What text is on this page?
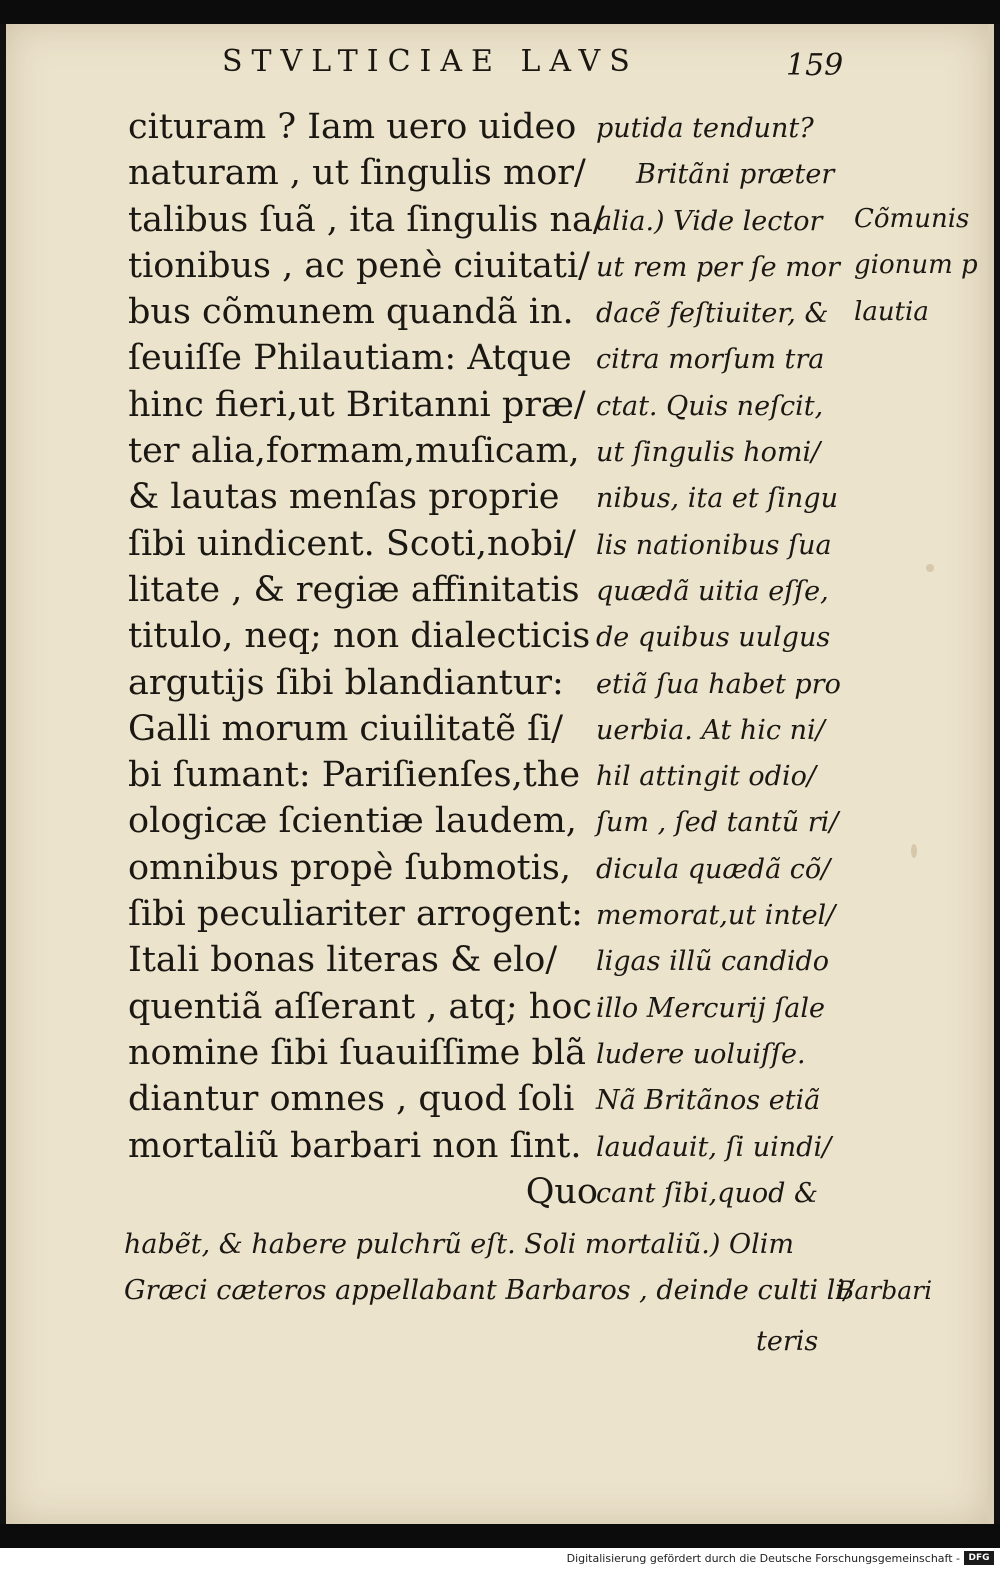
STVLTICIAE LAVS	159
cituram ? Iam uero uideo
naturam , ut ſingulis mor/
talibus ſuã , ita ſingulis na/
tionibus , ac penè ciuitati/
bus cõmunem quandã in.
ſeuiſſe Philautiam: Atque
hinc fieri,ut Britanni præ/
ter alia,formam,muſicam,
& lautas menſas proprie
ſibi uindicent. Scoti,nobi/
litate , & regiæ affinitatis
titulo, neq; non dialecticis
argutijs ſibi blandiantur:
Galli morum ciuilitatẽ ſi/
bi ſumant: Pariſienſes,the
ologicæ ſcientiæ laudem,
omnibus propè ſubmotis,
ſibi peculiariter arrogent:
Itali bonas literas & elo/
quentiã aſſerant , atq; hoc
nomine ſibi ſuauiſſime blã
diantur omnes , quod ſoli
mortaliũ barbari non ſint.
Quo
putida tendunt?
Britãni præter
alia.) Vide lector
ut rem per ſe mor
dacẽ feſtiuiter, &
citra morſum tra
ctat. Quis neſcit,
ut ſingulis homi/
nibus, ita et ſingu
lis nationibus ſua
quædã uitia eſſe,
de quibus uulgus
etiã ſua habet pro
uerbia. At hic ni/
hil attingit odio/
ſum , ſed tantũ ri/
dicula quædã cõ/
memorat,ut intel/
ligas illũ candido
illo Mercurij ſale
ludere uoluiſſe.
Nã Britãnos etiã
laudauit, ſi uindi/
cant ſibi,quod &
Cõmunis
gionum p
lautia
habẽt, & habere pulchrũ eſt. Soli mortaliũ.) Olim
Græci cæteros appellabant Barbaros , deinde culti li/
Barbari
teris
Digitalisierung gefördert durch die Deutsche Forschungsgemeinschaft - DFG
